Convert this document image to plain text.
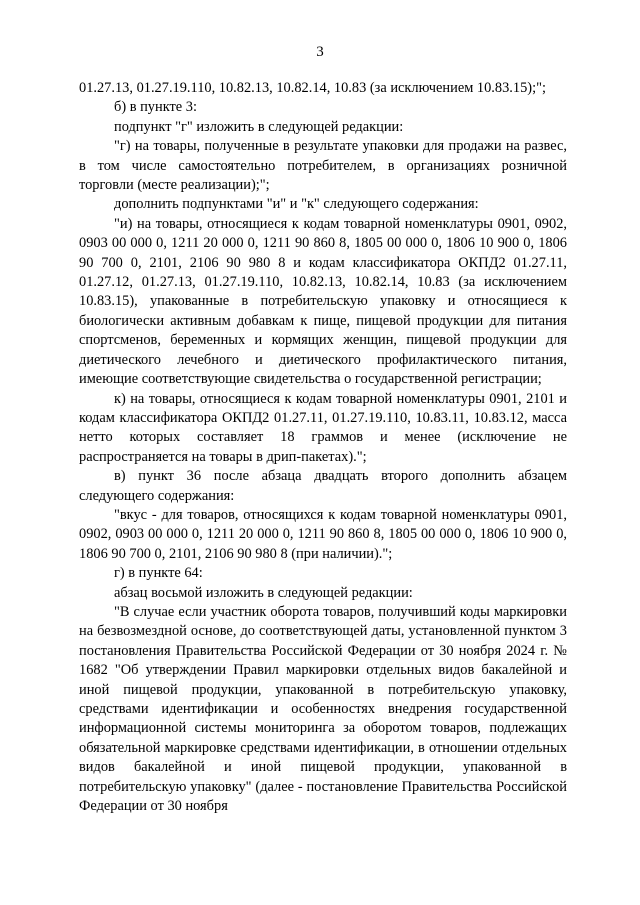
3

01.27.13, 01.27.19.110, 10.82.13, 10.82.14, 10.83 (за исключением 10.83.15);";

б) в пункте 3:

подпункт "г" изложить в следующей редакции:

"г) на товары, полученные в результате упаковки для продажи на развес, в том числе самостоятельно потребителем, в организациях розничной торговли (месте реализации);";

дополнить подпунктами "и" и "к" следующего содержания:

"и) на товары, относящиеся к кодам товарной номенклатуры 0901, 0902, 0903 00 000 0, 1211 20 000 0, 1211 90 860 8, 1805 00 000 0, 1806 10 900 0, 1806 90 700 0, 2101, 2106 90 980 8 и кодам классификатора ОКПД2 01.27.11, 01.27.12, 01.27.13, 01.27.19.110, 10.82.13, 10.82.14, 10.83 (за исключением 10.83.15), упакованные в потребительскую упаковку и относящиеся к биологически активным добавкам к пище, пищевой продукции для питания спортсменов, беременных и кормящих женщин, пищевой продукции для диетического лечебного и диетического профилактического питания, имеющие соответствующие свидетельства о государственной регистрации;

к) на товары, относящиеся к кодам товарной номенклатуры 0901, 2101 и кодам классификатора ОКПД2 01.27.11, 01.27.19.110, 10.83.11, 10.83.12, масса нетто которых составляет 18 граммов и менее (исключение не распространяется на товары в дрип-пакетах).";

в) пункт 36 после абзаца двадцать второго дополнить абзацем следующего содержания:

"вкус - для товаров, относящихся к кодам товарной номенклатуры 0901, 0902, 0903 00 000 0, 1211 20 000 0, 1211 90 860 8, 1805 00 000 0, 1806 10 900 0, 1806 90 700 0, 2101, 2106 90 980 8 (при наличии).";

г) в пункте 64:

абзац восьмой изложить в следующей редакции:

"В случае если участник оборота товаров, получивший коды маркировки на безвозмездной основе, до соответствующей даты, установленной пунктом 3 постановления Правительства Российской Федерации от 30 ноября 2024 г. № 1682 "Об утверждении Правил маркировки отдельных видов бакалейной и иной пищевой продукции, упакованной в потребительскую упаковку, средствами идентификации и особенностях внедрения государственной информационной системы мониторинга за оборотом товаров, подлежащих обязательной маркировке средствами идентификации, в отношении отдельных видов бакалейной и иной пищевой продукции, упакованной в потребительскую упаковку" (далее - постановление Правительства Российской Федерации от 30 ноября
